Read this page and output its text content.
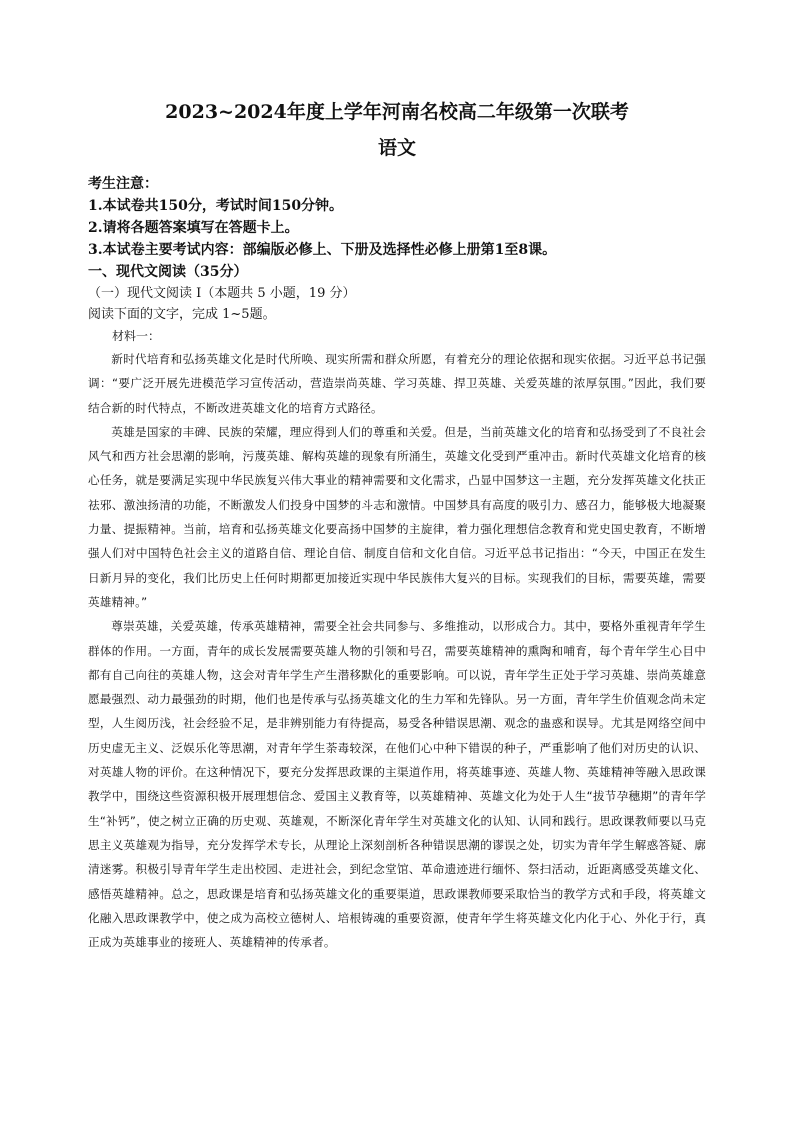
2023~2024年度上学年河南名校高二年级第一次联考
语文
考生注意：
1.本试卷共150分，考试时间150分钟。
2.请将各题答案填写在答题卡上。
3.本试卷主要考试内容：部编版必修上、下册及选择性必修上册第1至8课。
一、现代文阅读（35分）
（一）现代文阅读 I（本题共 5 小题，19 分）
阅读下面的文字，完成 1~5题。

材料一：

新时代培育和弘扬英雄文化是时代所唤、现实所需和群众所愿，有着充分的理论依据和现实依据。习近平总书记强调：“要广泛开展先进模范学习宣传活动，营造崇尚英雄、学习英雄、捍卫英雄、关爱英雄的浓厚氛围。”因此，我们要结合新的时代特点，不断改进英雄文化的培育方式路径。

英雄是国家的丰碑、民族的荣耀，理应得到人们的尊重和关爱。但是，当前英雄文化的培育和弘扬受到了不良社会风气和西方社会思潮的影响，污蔑英雄、解构英雄的现象有所涌生，英雄文化受到严重冲击。新时代英雄文化培育的核心任务，就是要满足实现中华民族复兴伟大事业的精神需要和文化需求，凸显中国梦这一主题，充分发挥英雄文化扶正祛邪、激浊扬清的功能，不断激发人们投身中国梦的斗志和激情。中国梦具有高度的吸引力、感召力，能够极大地凝聚力量、提振精神。当前，培育和弘扬英雄文化要高扬中国梦的主旋律，着力强化理想信念教育和党史国史教育，不断增强人们对中国特色社会主义的道路自信、理论自信、制度自信和文化自信。习近平总书记指出：“今天，中国正在发生日新月异的变化，我们比历史上任何时期都更加接近实现中华民族伟大复兴的目标。实现我们的目标，需要英雄，需要英雄精神。”

尊崇英雄，关爱英雄，传承英雄精神，需要全社会共同参与、多维推动，以形成合力。其中，要格外重视青年学生群体的作用。一方面，青年的成长发展需要英雄人物的引领和号召，需要英雄精神的熏陶和哺育，每个青年学生心目中都有自己向往的英雄人物，这会对青年学生产生潜移默化的重要影响。可以说，青年学生正处于学习英雄、崇尚英雄意愿最强烈、动力最强劲的时期，他们也是传承与弘扬英雄文化的生力军和先锋队。另一方面，青年学生价值观念尚未定型，人生阅历浅，社会经验不足，是非辨别能力有待提高，易受各种错误思潮、观念的蛊惑和误导。尤其是网络空间中历史虚无主义、泛娱乐化等思潮，对青年学生荼毒较深，在他们心中种下错误的种子，严重影响了他们对历史的认识、对英雄人物的评价。在这种情况下，要充分发挥思政课的主渠道作用，将英雄事迹、英雄人物、英雄精神等融入思政课教学中，围绕这些资源积极开展理想信念、爱国主义教育等，以英雄精神、英雄文化为处于人生“拔节孕穗期”的青年学生“补钙”，使之树立正确的历史观、英雄观，不断深化青年学生对英雄文化的认知、认同和践行。思政课教师要以马克思主义英雄观为指导，充分发挥学术专长，从理论上深刻剖析各种错误思潮的谬误之处，切实为青年学生解惑答疑、廓清迷雾。积极引导青年学生走出校园、走进社会，到纪念堂馆、革命遗迹进行缅怀、祭扫活动，近距离感受英雄文化、感悟英雄精神。总之，思政课是培育和弘扬英雄文化的重要渠道，思政课教师要采取恰当的教学方式和手段，将英雄文化融入思政课教学中，使之成为高校立德树人、培根铸魂的重要资源，使青年学生将英雄文化内化于心、外化于行，真正成为英雄事业的接班人、英雄精神的传承者。
